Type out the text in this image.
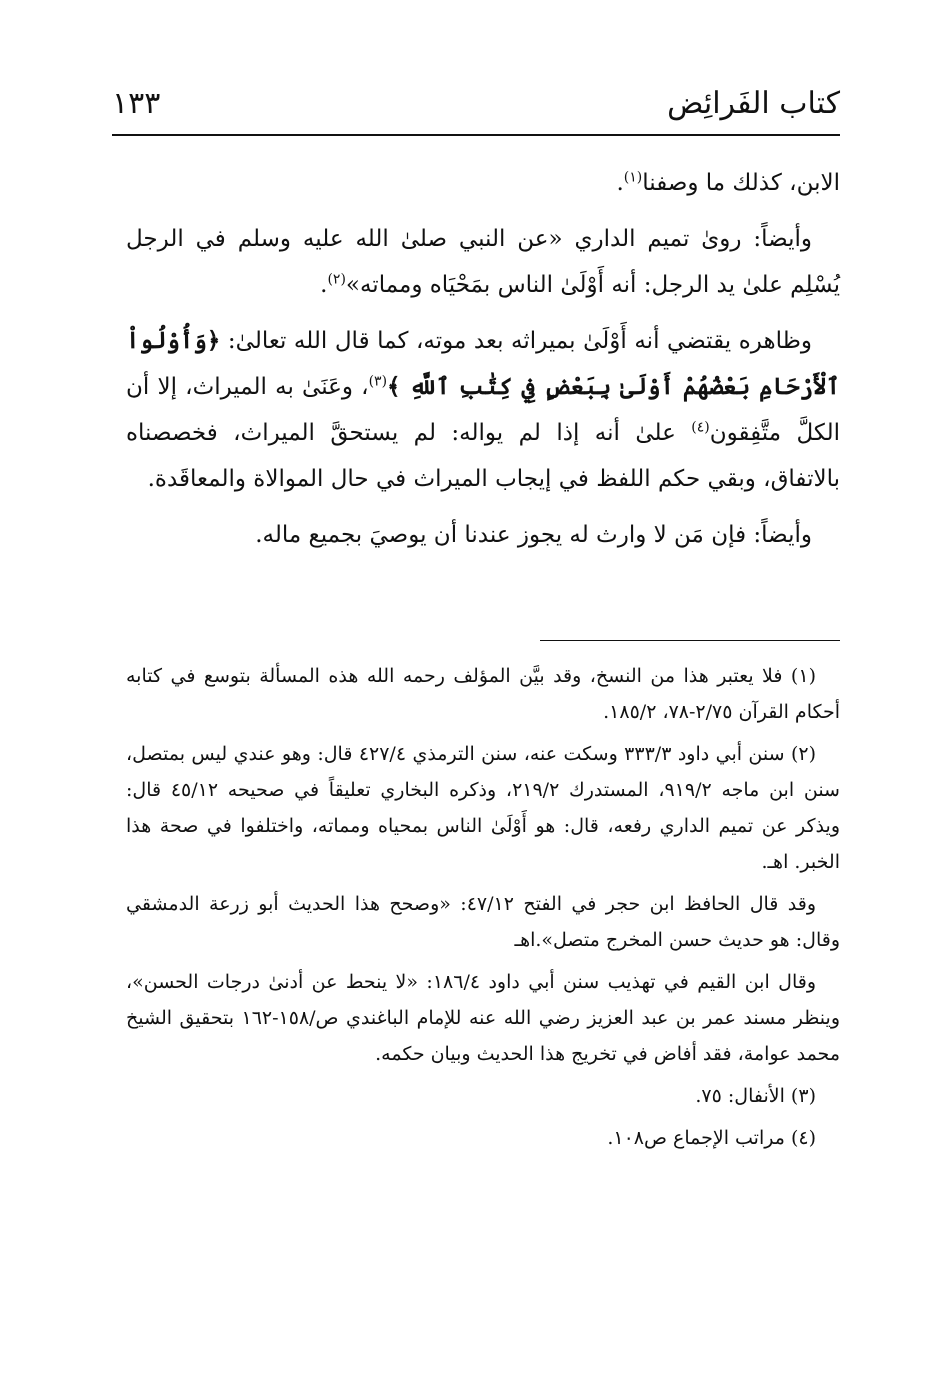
كتاب الفَرائِض
١٣٣

الابن، كذلك ما وصفنا$^{(١)}$.

وأيضاً: روىٰ تميم الداري «عن النبي صلىٰ الله عليه وسلم في الرجل يُسْلِم علىٰ يد الرجل: أنه أَوْلَىٰ الناس بمَحْيَاه ومماته»$^{(٢)}$.

وظاهره يقتضي أنه أَوْلَىٰ بميراثه بعد موته، كما قال الله تعالىٰ: ﴿وَأُوْلُواْ ٱلْأَرْحَامِ بَعْضُهُمْ أَوْلَىٰ بِبَعْضٍ فِي كِتَٰبِ ٱللَّهِ ﴾$^{(٣)}$، وعَنَىٰ به الميراث، إلا أن الكلَّ متَّفِقون$^{(٤)}$ علىٰ أنه إذا لم يواله: لم يستحقَّ الميراث، فخصصناه بالاتفاق، وبقي حكم اللفظ في إيجاب الميراث في حال الموالاة والمعاقَدة.

وأيضاً: فإن مَن لا وارث له يجوز عندنا أن يوصيَ بجميع ماله.

(١) فلا يعتبر هذا من النسخ، وقد بيَّن المؤلف رحمه الله هذه المسألة بتوسع في كتابه أحكام القرآن ٢/٧٥-٧٨، ١٨٥/٢.

(٢) سنن أبي داود ٣٣٣/٣ وسكت عنه، سنن الترمذي ٤٢٧/٤ قال: وهو عندي ليس بمتصل، سنن ابن ماجه ٩١٩/٢، المستدرك ٢١٩/٢، وذكره البخاري تعليقاً في صحيحه ٤٥/١٢ قال: ويذكر عن تميم الداري رفعه، قال: هو أَوْلَىٰ الناس بمحياه ومماته، واختلفوا في صحة هذا الخبر. اهـ.

وقد قال الحافظ ابن حجر في الفتح ٤٧/١٢: «وصحح هذا الحديث أبو زرعة الدمشقي وقال: هو حديث حسن المخرج متصل».اهـ

وقال ابن القيم في تهذيب سنن أبي داود ١٨٦/٤: «لا ينحط عن أدنىٰ درجات الحسن»، وينظر مسند عمر بن عبد العزيز رضي الله عنه للإمام الباغندي ص/١٥٨-١٦٢ بتحقيق الشيخ محمد عوامة، فقد أفاض في تخريج هذا الحديث وبيان حكمه.

(٣) الأنفال: ٧٥.

(٤) مراتب الإجماع ص١٠٨.
